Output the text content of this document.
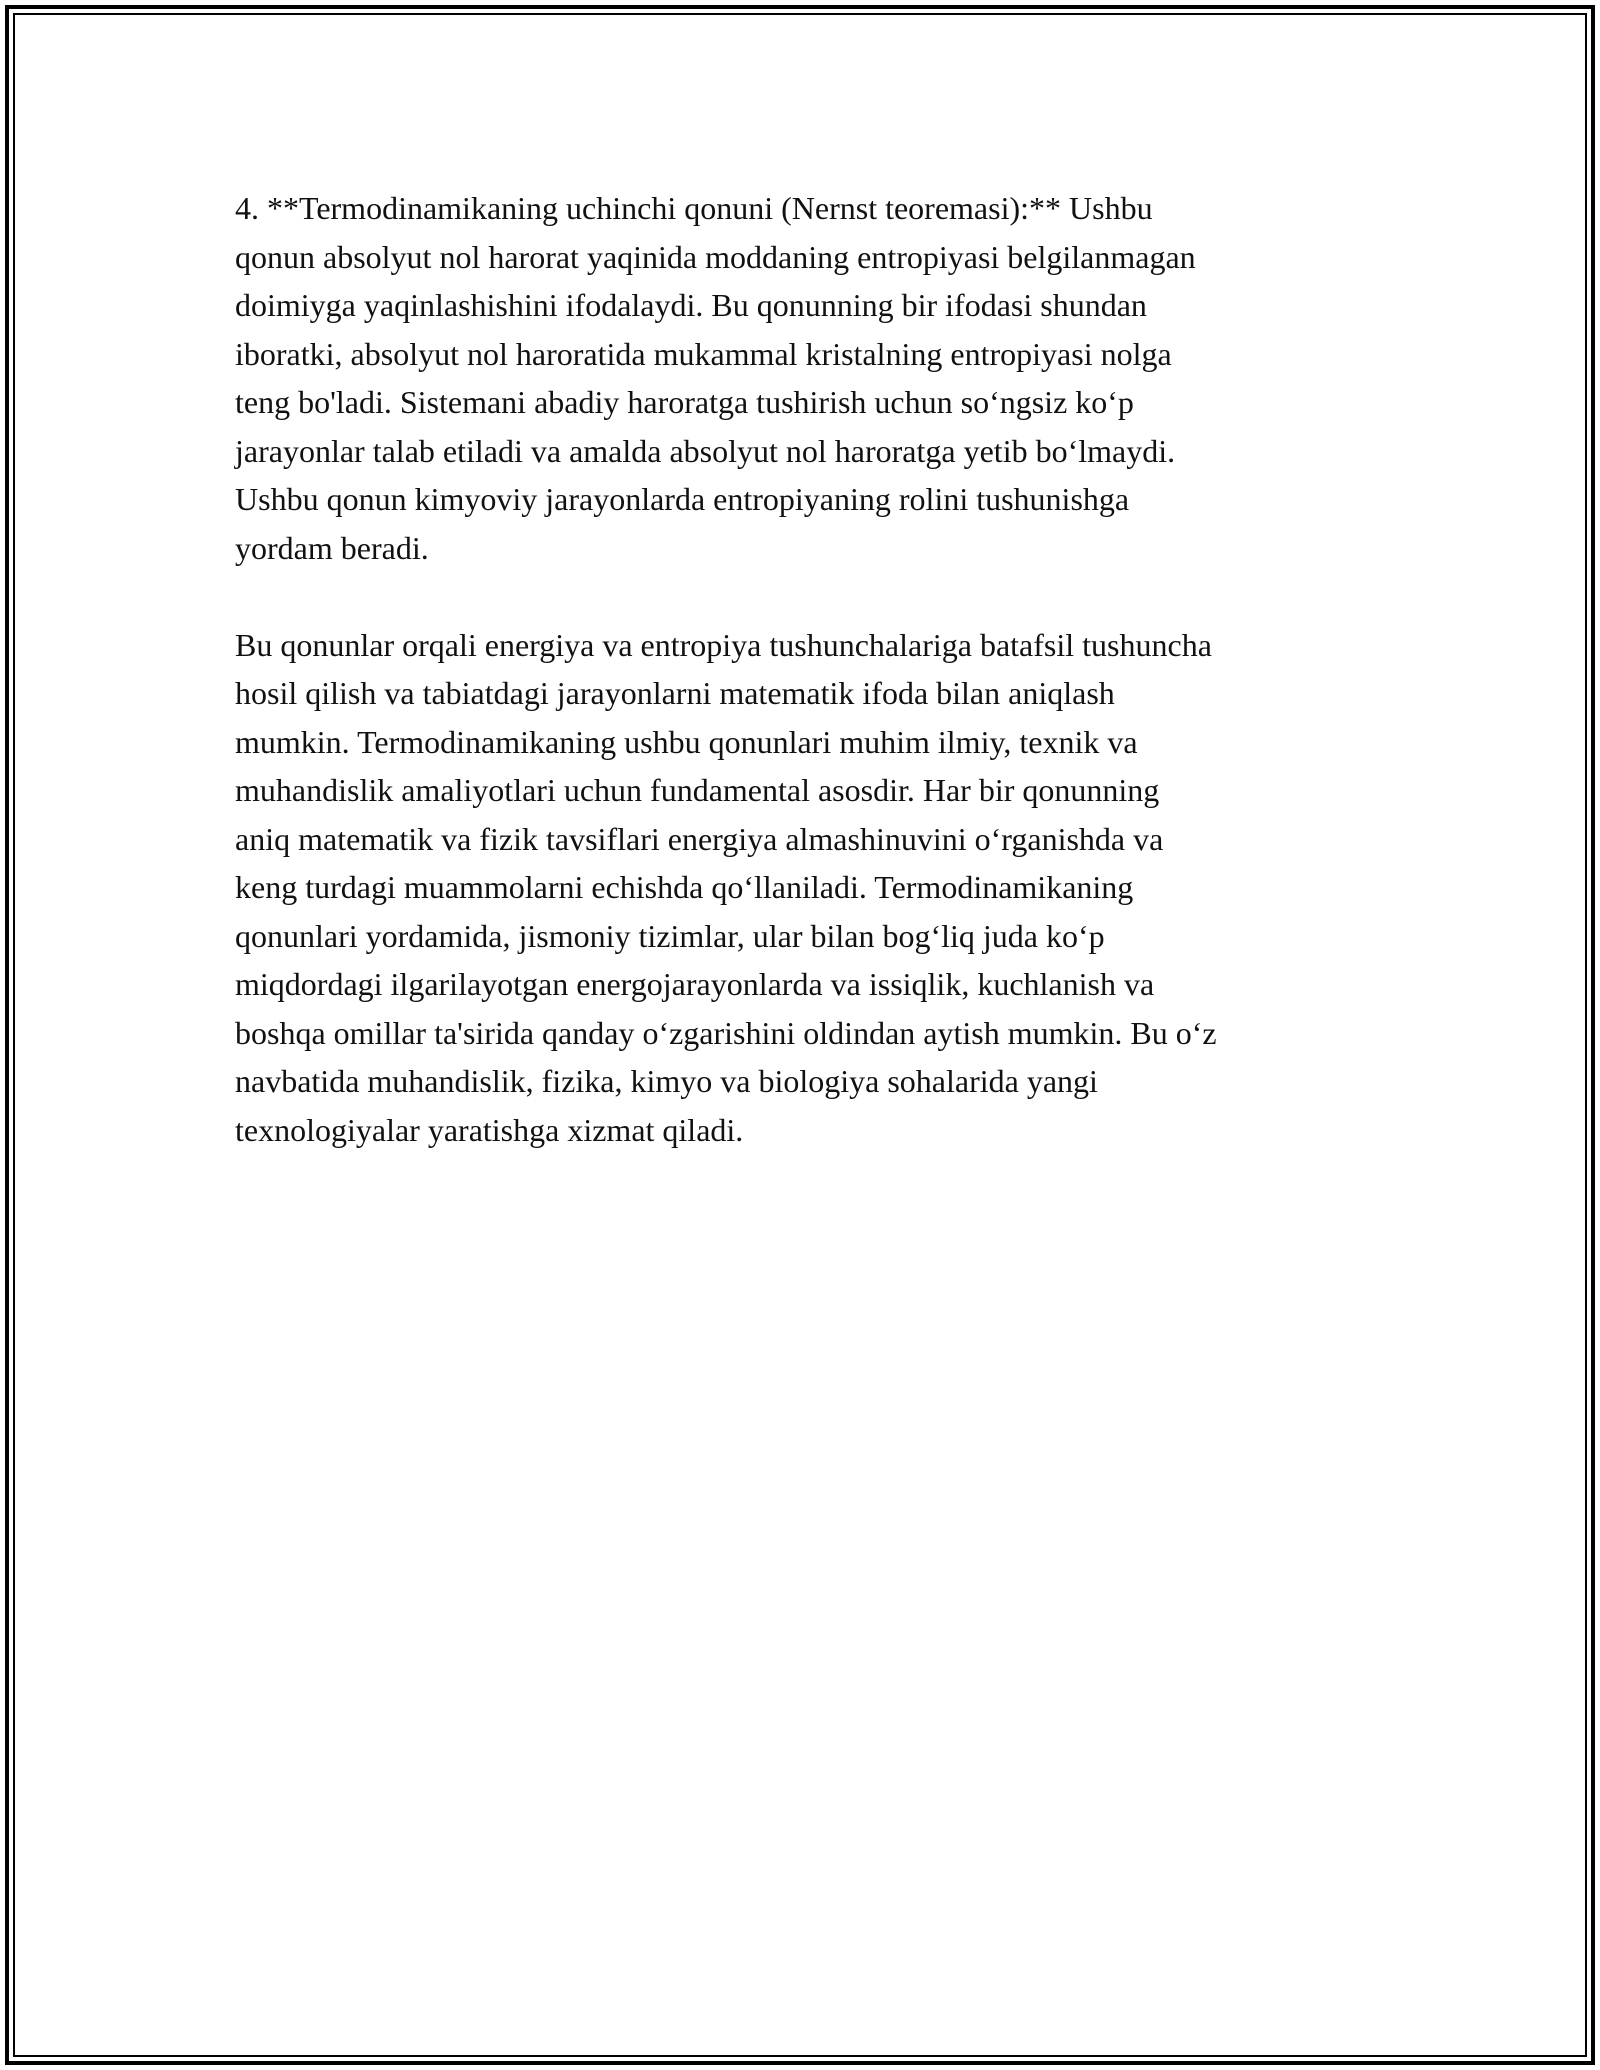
4. **Termodinamikaning uchinchi qonuni (Nernst teoremasi):** Ushbu
qonun absolyut nol harorat yaqinida moddaning entropiyasi belgilanmagan
doimiyga yaqinlashishini ifodalaydi. Bu qonunning bir ifodasi shundan
iboratki, absolyut nol haroratida mukammal kristalning entropiyasi nolga
teng bo'ladi. Sistemani abadiy haroratga tushirish uchun so‘ngsiz ko‘p
jarayonlar talab etiladi va amalda absolyut nol haroratga yetib bo‘lmaydi.
Ushbu qonun kimyoviy jarayonlarda entropiyaning rolini tushunishga
yordam beradi.
Bu qonunlar orqali energiya va entropiya tushunchalariga batafsil tushuncha
hosil qilish va tabiatdagi jarayonlarni matematik ifoda bilan aniqlash
mumkin. Termodinamikaning ushbu qonunlari muhim ilmiy, texnik va
muhandislik amaliyotlari uchun fundamental asosdir. Har bir qonunning
aniq matematik va fizik tavsiflari energiya almashinuvini o‘rganishda va
keng turdagi muammolarni echishda qo‘llaniladi. Termodinamikaning
qonunlari yordamida, jismoniy tizimlar, ular bilan bog‘liq juda ko‘p
miqdordagi ilgarilayotgan energojarayonlarda va issiqlik, kuchlanish va
boshqa omillar ta'sirida qanday o‘zgarishini oldindan aytish mumkin. Bu o‘z
navbatida muhandislik, fizika, kimyo va biologiya sohalarida yangi
texnologiyalar yaratishga xizmat qiladi.
